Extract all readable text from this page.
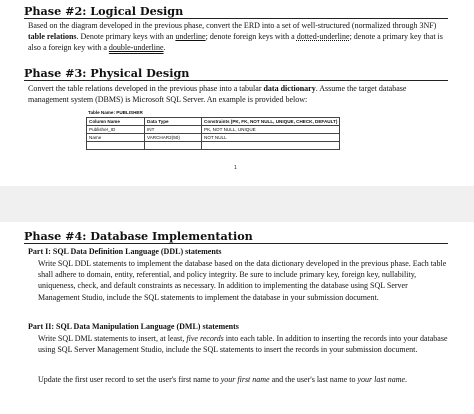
Phase #2: Logical Design
Based on the diagram developed in the previous phase, convert the ERD into a set of well-structured (normalized through 3NF) table relations. Denote primary keys with an underline; denote foreign keys with a dotted-underline; denote a primary key that is also a foreign key with a double-underline.
Phase #3: Physical Design
Convert the table relations developed in the previous phase into a tabular data dictionary. Assume the target database management system (DBMS) is Microsoft SQL Server. An example is provided below:
Table Name: PUBLISHER
Column Name	Data Type	Constraints (PK, FK, NOT NULL, UNIQUE, CHECK, DEFAULT)
Publisher_ID	INT	PK, NOT NULL, UNIQUE
Name	VARCHAR2(50)	NOT NULL

1
Phase #4: Database Implementation
Part I: SQL Data Definition Language (DDL) statements
Write SQL DDL statements to implement the database based on the data dictionary developed in the previous phase. Each table shall adhere to domain, entity, referential, and policy integrity. Be sure to include primary key, foreign key, nullability, uniqueness, check, and default constraints as necessary. In addition to implementing the database using SQL Server Management Studio, include the SQL statements to implement the database in your submission document.
Part II: SQL Data Manipulation Language (DML) statements
Write SQL DML statements to insert, at least, five records into each table. In addition to inserting the records into your database using SQL Server Management Studio, include the SQL statements to insert the records in your submission document.
Update the first user record to set the user's first name to your first name and the user's last name to your last name.
